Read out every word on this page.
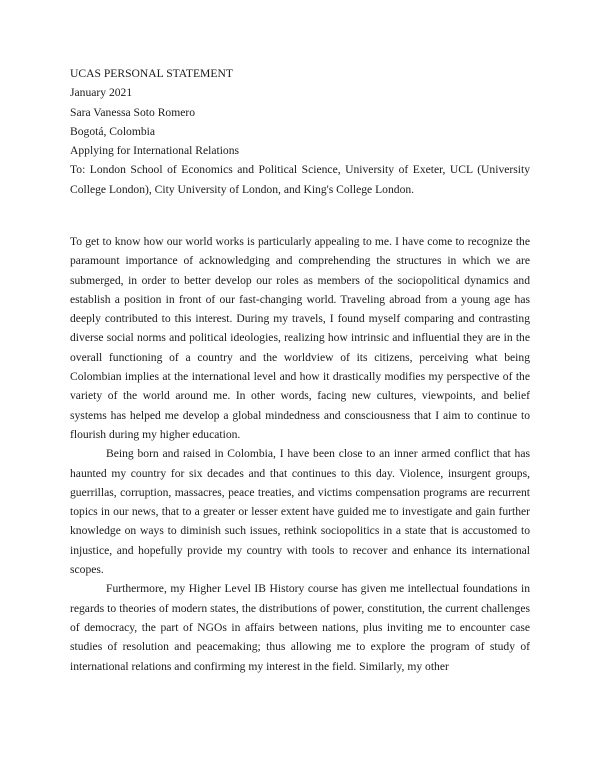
UCAS PERSONAL STATEMENT
January 2021
Sara Vanessa Soto Romero
Bogotá, Colombia
Applying for International Relations
To: London School of Economics and Political Science, University of Exeter, UCL (University College London), City University of London, and King's College London.

To get to know how our world works is particularly appealing to me. I have come to recognize the paramount importance of acknowledging and comprehending the structures in which we are submerged, in order to better develop our roles as members of the sociopolitical dynamics and establish a position in front of our fast-changing world. Traveling abroad from a young age has deeply contributed to this interest. During my travels, I found myself comparing and contrasting diverse social norms and political ideologies, realizing how intrinsic and influential they are in the overall functioning of a country and the worldview of its citizens, perceiving what being Colombian implies at the international level and how it drastically modifies my perspective of the variety of the world around me. In other words, facing new cultures, viewpoints, and belief systems has helped me develop a global mindedness and consciousness that I aim to continue to flourish during my higher education.

Being born and raised in Colombia, I have been close to an inner armed conflict that has haunted my country for six decades and that continues to this day. Violence, insurgent groups, guerrillas, corruption, massacres, peace treaties, and victims compensation programs are recurrent topics in our news, that to a greater or lesser extent have guided me to investigate and gain further knowledge on ways to diminish such issues, rethink sociopolitics in a state that is accustomed to injustice, and hopefully provide my country with tools to recover and enhance its international scopes.

Furthermore, my Higher Level IB History course has given me intellectual foundations in regards to theories of modern states, the distributions of power, constitution, the current challenges of democracy, the part of NGOs in affairs between nations, plus inviting me to encounter case studies of resolution and peacemaking; thus allowing me to explore the program of study of international relations and confirming my interest in the field. Similarly, my other
